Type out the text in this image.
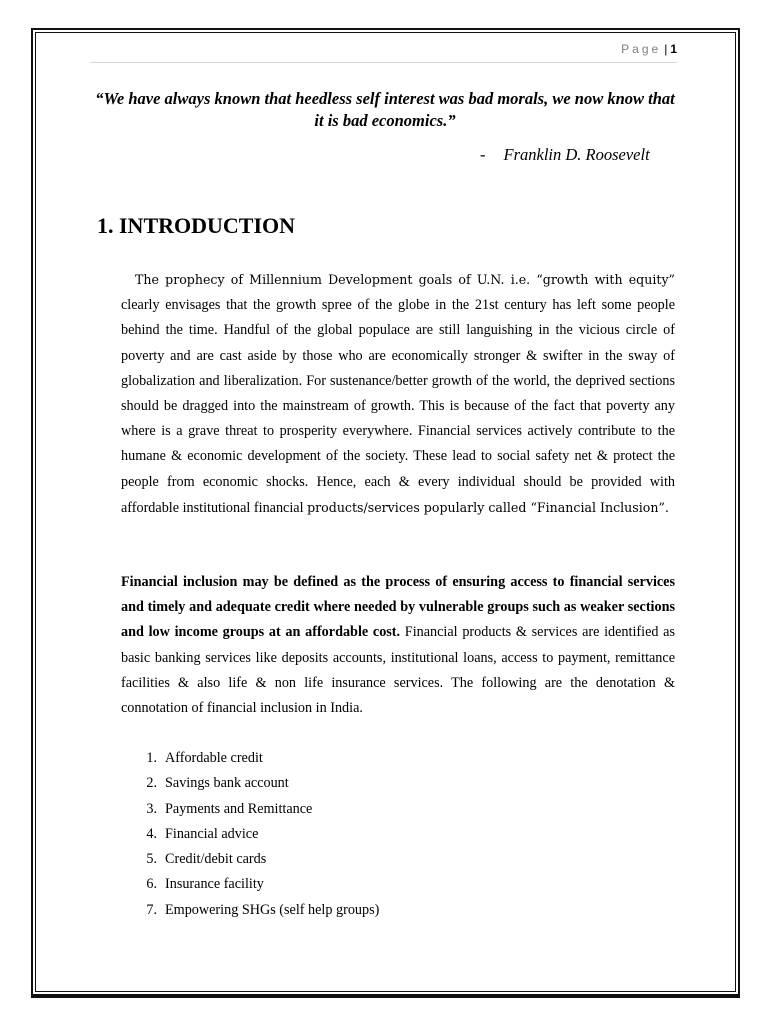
Page | 1
“We have always known that heedless self interest was bad morals, we now know that it is bad economics.”
- Franklin D. Roosevelt
1. INTRODUCTION
The prophecy of Millennium Development goals of U.N. i.e. “growth with equity” clearly envisages that the growth spree of the globe in the 21st century has left some people behind the time. Handful of the global populace are still languishing in the vicious circle of poverty and are cast aside by those who are economically stronger & swifter in the sway of globalization and liberalization. For sustenance/better growth of the world, the deprived sections should be dragged into the mainstream of growth. This is because of the fact that poverty any where is a grave threat to prosperity everywhere. Financial services actively contribute to the humane & economic development of the society. These lead to social safety net & protect the people from economic shocks. Hence, each & every individual should be provided with affordable institutional financial products/services popularly called “Financial Inclusion”.
Financial inclusion may be defined as the process of ensuring access to financial services and timely and adequate credit where needed by vulnerable groups such as weaker sections and low income groups at an affordable cost. Financial products & services are identified as basic banking services like deposits accounts, institutional loans, access to payment, remittance facilities & also life & non life insurance services. The following are the denotation & connotation of financial inclusion in India.
1. Affordable credit
2. Savings bank account
3. Payments and Remittance
4. Financial advice
5. Credit/debit cards
6. Insurance facility
7. Empowering SHGs (self help groups)
